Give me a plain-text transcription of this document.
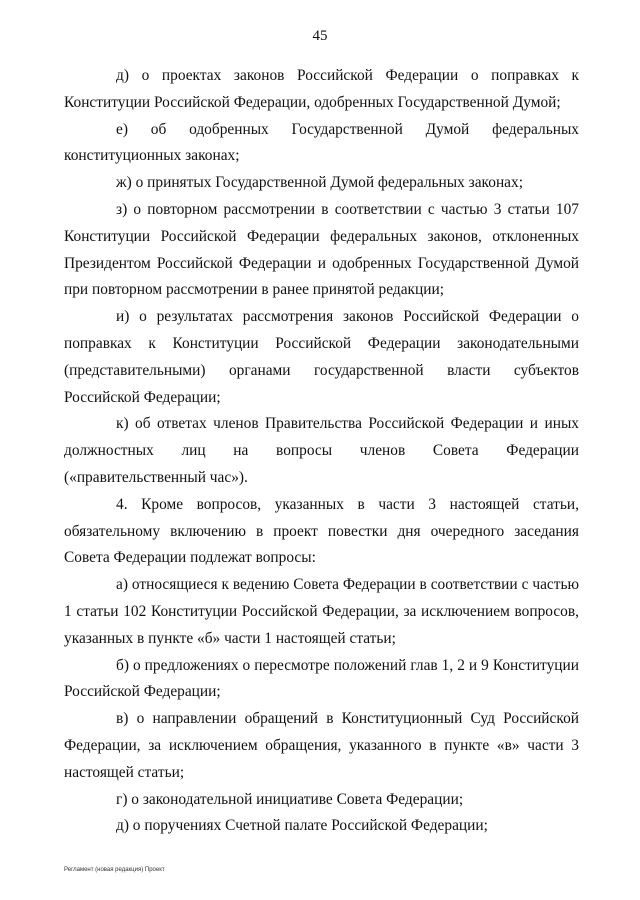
45

д) о проектах законов Российской Федерации о поправках к Конституции Российской Федерации, одобренных Государственной Думой;

е) об одобренных Государственной Думой федеральных конституционных законах;

ж) о принятых Государственной Думой федеральных законах;

з) о повторном рассмотрении в соответствии с частью 3 статьи 107 Конституции Российской Федерации федеральных законов, отклоненных Президентом Российской Федерации и одобренных Государственной Думой при повторном рассмотрении в ранее принятой редакции;

и) о результатах рассмотрения законов Российской Федерации о поправках к Конституции Российской Федерации законодательными (представительными) органами государственной власти субъектов Российской Федерации;

к) об ответах членов Правительства Российской Федерации и иных должностных лиц на вопросы членов Совета Федерации («правительственный час»).

4. Кроме вопросов, указанных в части 3 настоящей статьи, обязательному включению в проект повестки дня очередного заседания Совета Федерации подлежат вопросы:

а) относящиеся к ведению Совета Федерации в соответствии с частью 1 статьи 102 Конституции Российской Федерации, за исключением вопросов, указанных в пункте «б» части 1 настоящей статьи;

б) о предложениях о пересмотре положений глав 1, 2 и 9 Конституции Российской Федерации;

в) о направлении обращений в Конституционный Суд Российской Федерации, за исключением обращения, указанного в пункте «в» части 3 настоящей статьи;

г) о законодательной инициативе Совета Федерации;

д) о поручениях Счетной палате Российской Федерации;

Регламент (новая редакция) Проект
